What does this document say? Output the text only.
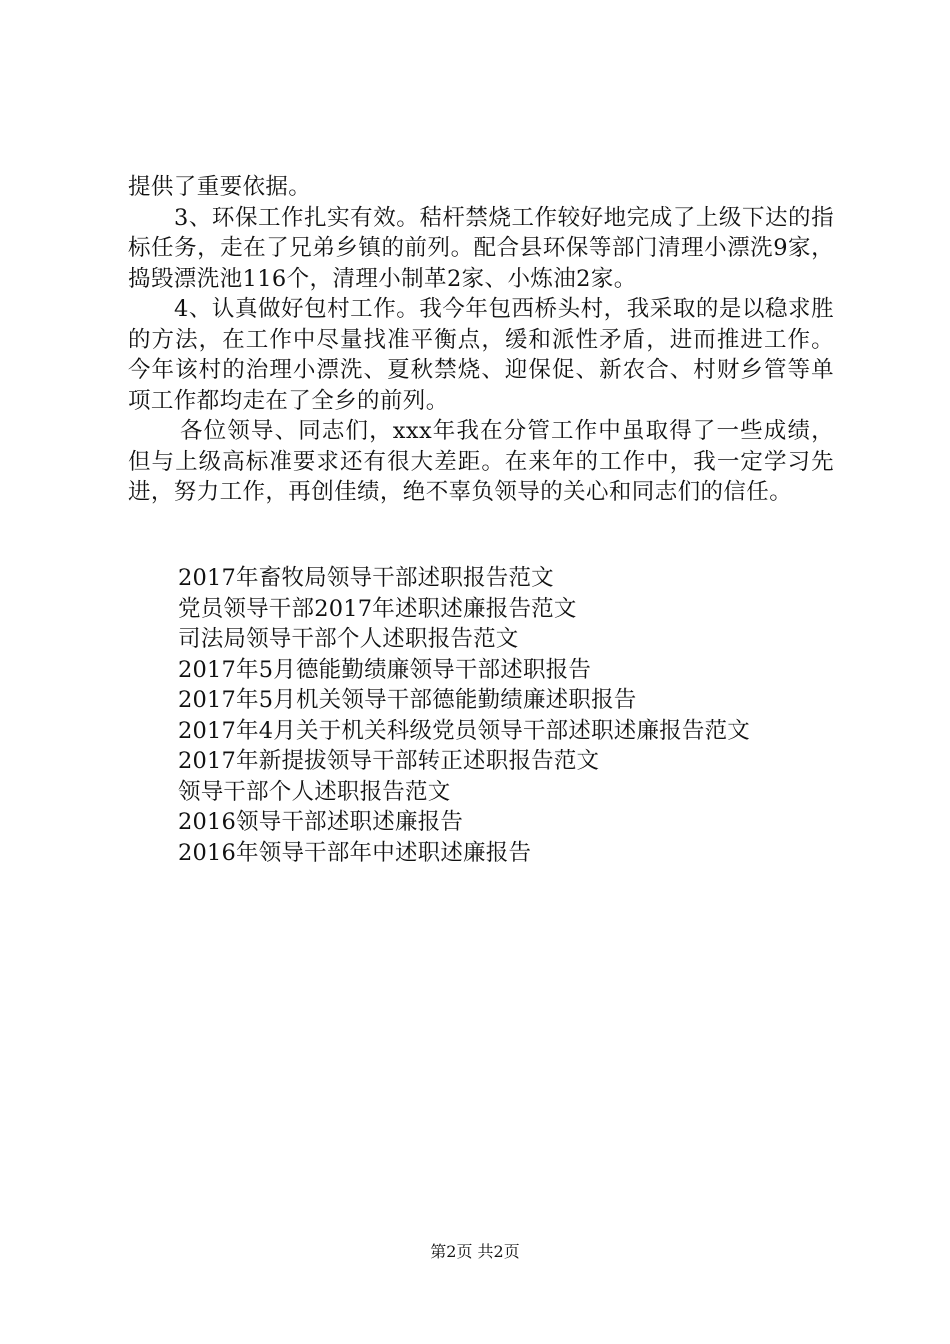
提供了重要依据。

3、环保工作扎实有效。秸杆禁烧工作较好地完成了上级下达的指标任务，走在了兄弟乡镇的前列。配合县环保等部门清理小漂洗9家，捣毁漂洗池116个，清理小制革2家、小炼油2家。

4、认真做好包村工作。我今年包西桥头村，我采取的是以稳求胜的方法，在工作中尽量找准平衡点，缓和派性矛盾，进而推进工作。今年该村的治理小漂洗、夏秋禁烧、迎保促、新农合、村财乡管等单项工作都均走在了全乡的前列。

各位领导、同志们，xxx年我在分管工作中虽取得了一些成绩，但与上级高标准要求还有很大差距。在来年的工作中，我一定学习先进，努力工作，再创佳绩，绝不辜负领导的关心和同志们的信任。

2017年畜牧局领导干部述职报告范文
党员领导干部2017年述职述廉报告范文
司法局领导干部个人述职报告范文
2017年5月德能勤绩廉领导干部述职报告
2017年5月机关领导干部德能勤绩廉述职报告
2017年4月关于机关科级党员领导干部述职述廉报告范文
2017年新提拔领导干部转正述职报告范文
领导干部个人述职报告范文
2016领导干部述职述廉报告
2016年领导干部年中述职述廉报告
第2页 共2页
